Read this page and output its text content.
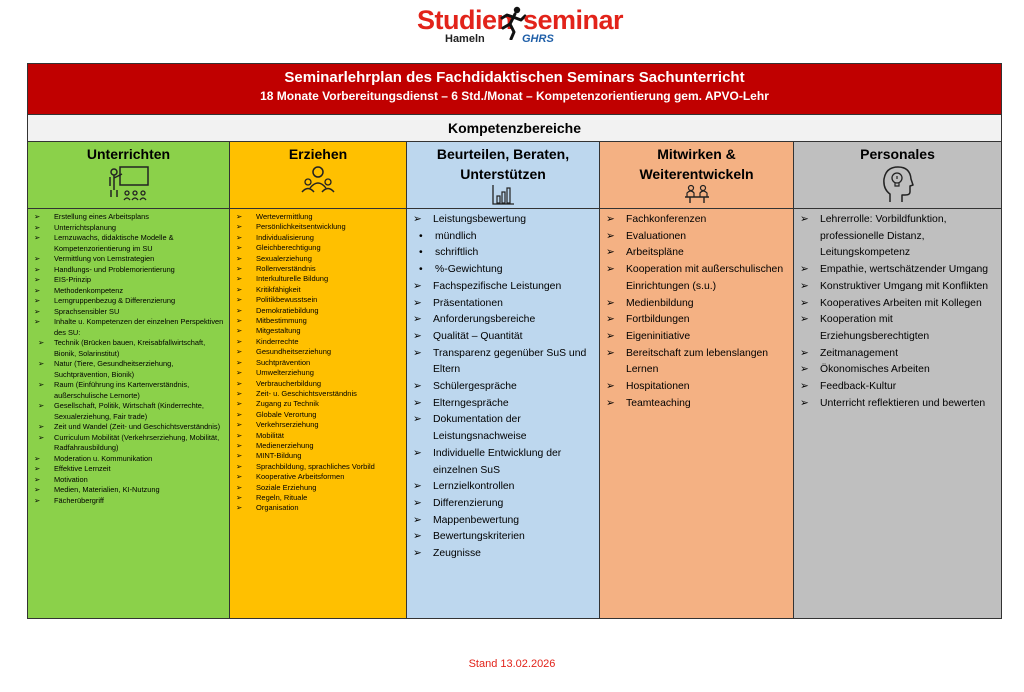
Studien seminar
Hameln	GHRS
Seminarlehrplan des Fachdidaktischen Seminars Sachunterricht
18 Monate Vorbereitungsdienst – 6 Std./Monat – Kompetenzorientierung gem. APVO-Lehr
Kompetenzbereiche
Unterrichten
➢ Erstellung eines Arbeitsplans
➢ Unterrichtsplanung
➢ Lernzuwachs, didaktische Modelle & Kompetenzorientierung im SU
➢ Vermittlung von Lernstrategien
➢ Handlungs- und Problemorientierung
➢ EIS-Prinzip
➢ Methodenkompetenz
➢ Lerngruppenbezug & Differenzierung
➢ Sprachsensibler SU
➢ Inhalte u. Kompetenzen der einzelnen Perspektiven des SU:
➢ Technik (Brücken bauen, Kreisabfallwirtschaft, Bionik, Solarinstitut)
➢ Natur (Tiere, Gesundheitserziehung, Suchtprävention, Bionik)
➢ Raum (Einführung ins Kartenverständnis, außerschulische Lernorte)
➢ Gesellschaft, Politik, Wirtschaft (Kinderrechte, Sexualerziehung, Fair trade)
➢ Zeit und Wandel (Zeit- und Geschichtsverständnis)
➢ Curriculum Mobilität (Verkehrserziehung, Mobilität, Radfahrausbildung)
➢ Moderation u. Kommunikation
➢ Effektive Lernzeit
➢ Motivation
➢ Medien, Materialien, KI-Nutzung
➢ Fächerübergriff
Erziehen
➢ Wertevermittlung
➢ Persönlichkeitsentwicklung
➢ Individualisierung
➢ Gleichberechtigung
➢ Sexualerziehung
➢ Rollenverständnis
➢ Interkulturelle Bildung
➢ Kritikfähigkeit
➢ Politikbewusstsein
➢ Demokratiebildung
➢ Mitbestimmung
➢ Mitgestaltung
➢ Kinderrechte
➢ Gesundheitserziehung
➢ Suchtprävention
➢ Umwelterziehung
➢ Verbraucherbildung
➢ Zeit- u. Geschichtsverständnis
➢ Zugang zu Technik
➢ Globale Verortung
➢ Verkehrserziehung
➢ Mobilität
➢ Medienerziehung
➢ MINT-Bildung
➢ Sprachbildung, sprachliches Vorbild
➢ Kooperative Arbeitsformen
➢ Soziale Erziehung
➢ Regeln, Rituale
➢ Organisation
Beurteilen, Beraten,
Unterstützen
➢ Leistungsbewertung
• mündlich
• schriftlich
• %-Gewichtung
➢ Fachspezifische Leistungen
➢ Präsentationen
➢ Anforderungsbereiche
➢ Qualität – Quantität
➢ Transparenz gegenüber SuS und Eltern
➢ Schülergespräche
➢ Elterngespräche
➢ Dokumentation der Leistungsnachweise
➢ Individuelle Entwicklung der einzelnen SuS
➢ Lernzielkontrollen
➢ Differenzierung
➢ Mappenbewertung
➢ Bewertungskriterien
➢ Zeugnisse
Mitwirken &
Weiterentwickeln
➢ Fachkonferenzen
➢ Evaluationen
➢ Arbeitspläne
➢ Kooperation mit außerschulischen Einrichtungen (s.u.)
➢ Medienbildung
➢ Fortbildungen
➢ Eigeninitiative
➢ Bereitschaft zum lebenslangen Lernen
➢ Hospitationen
➢ Teamteaching
Personales
➢ Lehrerrolle: Vorbildfunktion, professionelle Distanz, Leitungskompetenz
➢ Empathie, wertschätzender Umgang
➢ Konstruktiver Umgang mit Konflikten
➢ Kooperatives Arbeiten mit Kollegen
➢ Kooperation mit Erziehungsberechtigten
➢ Zeitmanagement
➢ Ökonomisches Arbeiten
➢ Feedback-Kultur
➢ Unterricht reflektieren und bewerten
Stand 13.02.2026
